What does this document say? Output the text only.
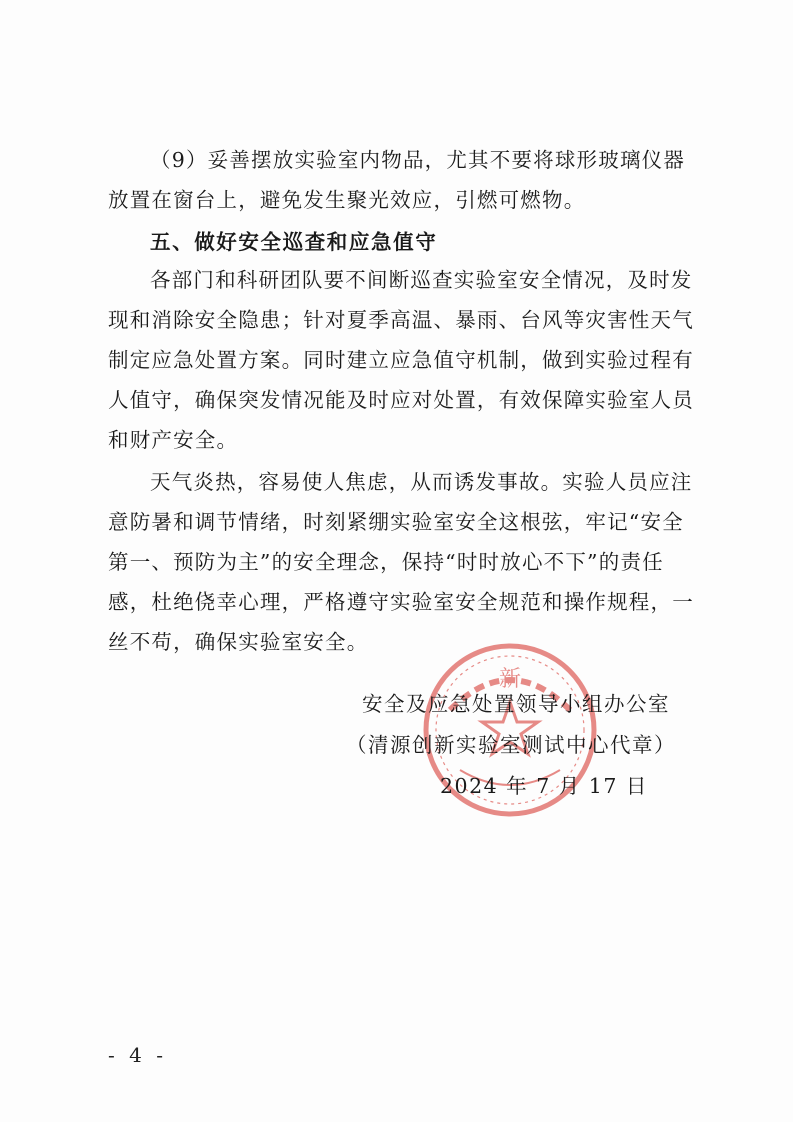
新
（9）妥善摆放实验室内物品，尤其不要将球形玻璃仪器
放置在窗台上，避免发生聚光效应，引燃可燃物。
五、做好安全巡查和应急值守
各部门和科研团队要不间断巡查实验室安全情况，及时发
现和消除安全隐患；针对夏季高温、暴雨、台风等灾害性天气
制定应急处置方案。同时建立应急值守机制，做到实验过程有
人值守，确保突发情况能及时应对处置，有效保障实验室人员
和财产安全。
天气炎热，容易使人焦虑，从而诱发事故。实验人员应注
意防暑和调节情绪，时刻紧绷实验室安全这根弦，牢记“安全
第一、预防为主”的安全理念，保持“时时放心不下”的责任
感，杜绝侥幸心理，严格遵守实验室安全规范和操作规程，一
丝不苟，确保实验室安全。
安全及应急处置领导小组办公室
（清源创新实验室测试中心代章）
2024 年 7 月 17 日
- 4 -
